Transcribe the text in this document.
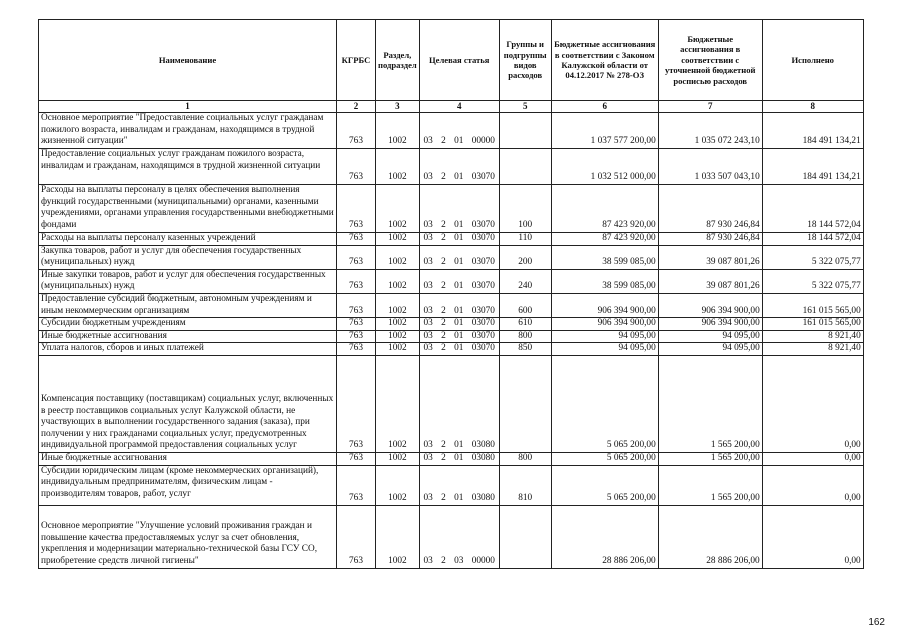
Наименование	КГРБС	Раздел, подраздел	Целевая статья	Группы и подгруппы видов расходов	Бюджетные ассигнования в соответствии с Законом Калужской области от 04.12.2017 № 278-ОЗ	Бюджетные ассигнования в соответствии с уточненной бюджетной росписью расходов	Исполнено
1	2	3	4	5	6	7	8
Основное мероприятие "Предоставление социальных услуг гражданам пожилого возраста, инвалидам и гражданам, находящимся в трудной жизненной ситуации"	763	1002	03 2 01 00000		1 037 577 200,00	1 035 072 243,10	184 491 134,21
Предоставление социальных услуг гражданам пожилого возраста, инвалидам и гражданам, находящимся в трудной жизненной ситуации	763	1002	03 2 01 03070		1 032 512 000,00	1 033 507 043,10	184 491 134,21
Расходы на выплаты персоналу в целях обеспечения выполнения функций государственными (муниципальными) органами, казенными учреждениями, органами управления государственными внебюджетными фондами	763	1002	03 2 01 03070	100	87 423 920,00	87 930 246,84	18 144 572,04
Расходы на выплаты персоналу казенных учреждений	763	1002	03 2 01 03070	110	87 423 920,00	87 930 246,84	18 144 572,04
Закупка товаров, работ и услуг для обеспечения государственных (муниципальных) нужд	763	1002	03 2 01 03070	200	38 599 085,00	39 087 801,26	5 322 075,77
Иные закупки товаров, работ и услуг для обеспечения государственных (муниципальных) нужд	763	1002	03 2 01 03070	240	38 599 085,00	39 087 801,26	5 322 075,77
Предоставление субсидий бюджетным, автономным учреждениям и иным некоммерческим организациям	763	1002	03 2 01 03070	600	906 394 900,00	906 394 900,00	161 015 565,00
Субсидии бюджетным учреждениям	763	1002	03 2 01 03070	610	906 394 900,00	906 394 900,00	161 015 565,00
Иные бюджетные ассигнования	763	1002	03 2 01 03070	800	94 095,00	94 095,00	8 921,40
Уплата налогов, сборов и иных платежей	763	1002	03 2 01 03070	850	94 095,00	94 095,00	8 921,40
Компенсация поставщику (поставщикам) социальных услуг, включенных в реестр поставщиков социальных услуг Калужской области, не участвующих в выполнении государственного задания (заказа), при получении у них гражданами социальных услуг, предусмотренных индивидуальной программой предоставления социальных услуг	763	1002	03 2 01 03080		5 065 200,00	1 565 200,00	0,00
Иные бюджетные ассигнования	763	1002	03 2 01 03080	800	5 065 200,00	1 565 200,00	0,00
Субсидии юридическим лицам (кроме некоммерческих организаций), индивидуальным предпринимателям, физическим лицам - производителям товаров, работ, услуг	763	1002	03 2 01 03080	810	5 065 200,00	1 565 200,00	0,00
Основное мероприятие "Улучшение условий проживания граждан и повышение качества предоставляемых услуг за счет обновления, укрепления и модернизации материально-технической базы ГСУ СО, приобретение средств личной гигиены"	763	1002	03 2 03 00000		28 886 206,00	28 886 206,00	0,00
162
